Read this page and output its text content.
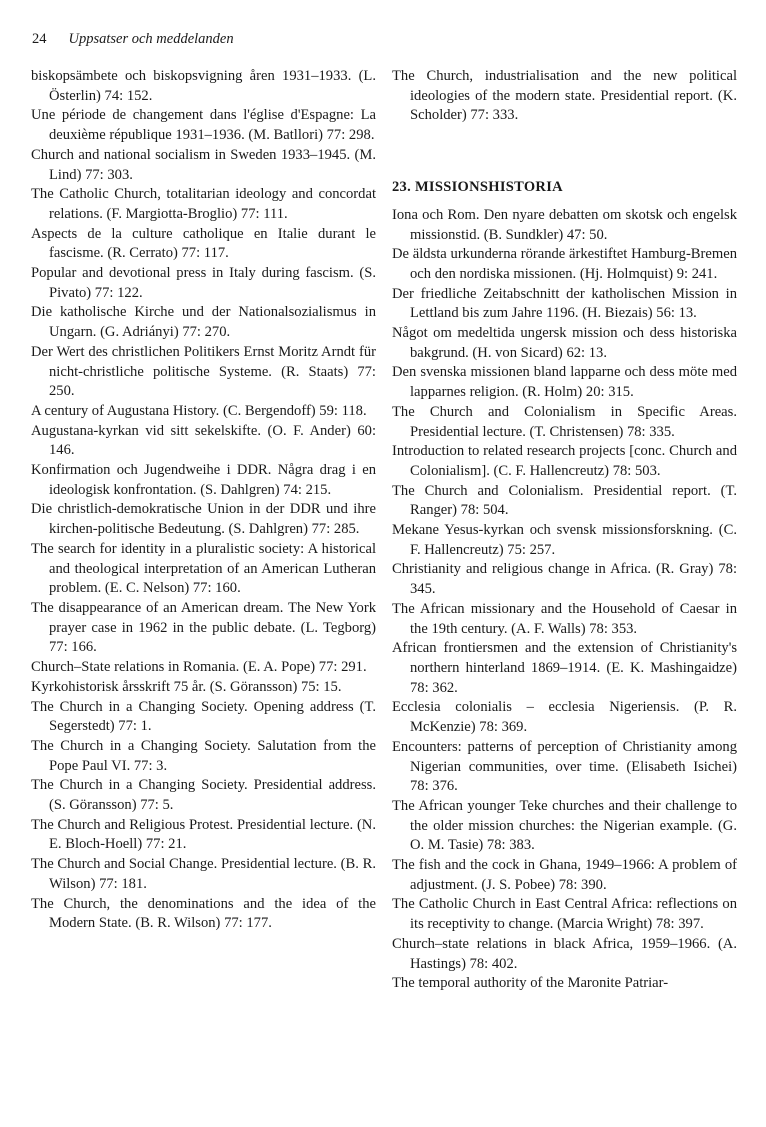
24 Uppsatser och meddelanden

biskopsämbete och biskopsvigning åren 1931–1933. (L. Österlin) 74: 152.

Une période de changement dans l'église d'Espagne: La deuxième république 1931–1936. (M. Batllori) 77: 298.

Church and national socialism in Sweden 1933–1945. (M. Lind) 77: 303.

The Catholic Church, totalitarian ideology and concordat relations. (F. Margiotta-Broglio) 77: 111.

Aspects de la culture catholique en Italie durant le fascisme. (R. Cerrato) 77: 117.

Popular and devotional press in Italy during fascism. (S. Pivato) 77: 122.

Die katholische Kirche und der Nationalsozialismus in Ungarn. (G. Adriányi) 77: 270.

Der Wert des christlichen Politikers Ernst Moritz Arndt für nicht-christliche politische Systeme. (R. Staats) 77: 250.

A century of Augustana History. (C. Bergendoff) 59: 118.

Augustana-kyrkan vid sitt sekelskifte. (O. F. Ander) 60: 146.

Konfirmation och Jugendweihe i DDR. Några drag i en ideologisk konfrontation. (S. Dahlgren) 74: 215.

Die christlich-demokratische Union in der DDR und ihre kirchen-politische Bedeutung. (S. Dahlgren) 77: 285.

The search for identity in a pluralistic society: A historical and theological interpretation of an American Lutheran problem. (E. C. Nelson) 77: 160.

The disappearance of an American dream. The New York prayer case in 1962 in the public debate. (L. Tegborg) 77: 166.

Church–State relations in Romania. (E. A. Pope) 77: 291.

Kyrkohistorisk årsskrift 75 år. (S. Göransson) 75: 15.

The Church in a Changing Society. Opening address (T. Segerstedt) 77: 1.

The Church in a Changing Society. Salutation from the Pope Paul VI. 77: 3.

The Church in a Changing Society. Presidential address. (S. Göransson) 77: 5.

The Church and Religious Protest. Presidential lecture. (N. E. Bloch-Hoell) 77: 21.

The Church and Social Change. Presidential lecture. (B. R. Wilson) 77: 181.

The Church, the denominations and the idea of the Modern State. (B. R. Wilson) 77: 177.

The Church, industrialisation and the new political ideologies of the modern state. Presidential report. (K. Scholder) 77: 333.

23. MISSIONSHISTORIA

Iona och Rom. Den nyare debatten om skotsk och engelsk missionstid. (B. Sundkler) 47: 50.

De äldsta urkunderna rörande ärkestiftet Hamburg-Bremen och den nordiska missionen. (Hj. Holmquist) 9: 241.

Der friedliche Zeitabschnitt der katholischen Mission in Lettland bis zum Jahre 1196. (H. Biezais) 56: 13.

Något om medeltida ungersk mission och dess historiska bakgrund. (H. von Sicard) 62: 13.

Den svenska missionen bland lapparne och dess möte med lapparnes religion. (R. Holm) 20: 315.

The Church and Colonialism in Specific Areas. Presidential lecture. (T. Christensen) 78: 335.

Introduction to related research projects [conc. Church and Colonialism]. (C. F. Hallencreutz) 78: 503.

The Church and Colonialism. Presidential report. (T. Ranger) 78: 504.

Mekane Yesus-kyrkan och svensk missionsforskning. (C. F. Hallencreutz) 75: 257.

Christianity and religious change in Africa. (R. Gray) 78: 345.

The African missionary and the Household of Caesar in the 19th century. (A. F. Walls) 78: 353.

African frontiersmen and the extension of Christianity's northern hinterland 1869–1914. (E. K. Mashingaidze) 78: 362.

Ecclesia colonialis – ecclesia Nigeriensis. (P. R. McKenzie) 78: 369.

Encounters: patterns of perception of Christianity among Nigerian communities, over time. (Elisabeth Isichei) 78: 376.

The African younger Teke churches and their challenge to the older mission churches: the Nigerian example. (G. O. M. Tasie) 78: 383.

The fish and the cock in Ghana, 1949–1966: A problem of adjustment. (J. S. Pobee) 78: 390.

The Catholic Church in East Central Africa: reflections on its receptivity to change. (Marcia Wright) 78: 397.

Church–state relations in black Africa, 1959–1966. (A. Hastings) 78: 402.

The temporal authority of the Maronite Patriar-
